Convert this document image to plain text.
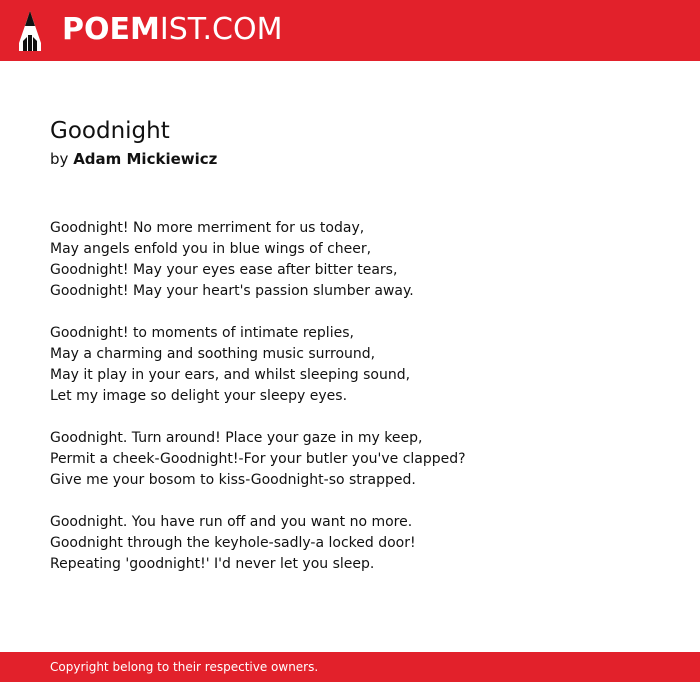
POEMIST.COM
Goodnight
by Adam Mickiewicz
Goodnight! No more merriment for us today,
May angels enfold you in blue wings of cheer,
Goodnight! May your eyes ease after bitter tears,
Goodnight! May your heart's passion slumber away.
Goodnight! to moments of intimate replies,
May a charming and soothing music surround,
May it play in your ears, and whilst sleeping sound,
Let my image so delight your sleepy eyes.
Goodnight. Turn around! Place your gaze in my keep,
Permit a cheek-Goodnight!-For your butler you've clapped?
Give me your bosom to kiss-Goodnight-so strapped.
Goodnight. You have run off and you want no more.
Goodnight through the keyhole-sadly-a locked door!
Repeating 'goodnight!' I'd never let you sleep.
Copyright belong to their respective owners.
